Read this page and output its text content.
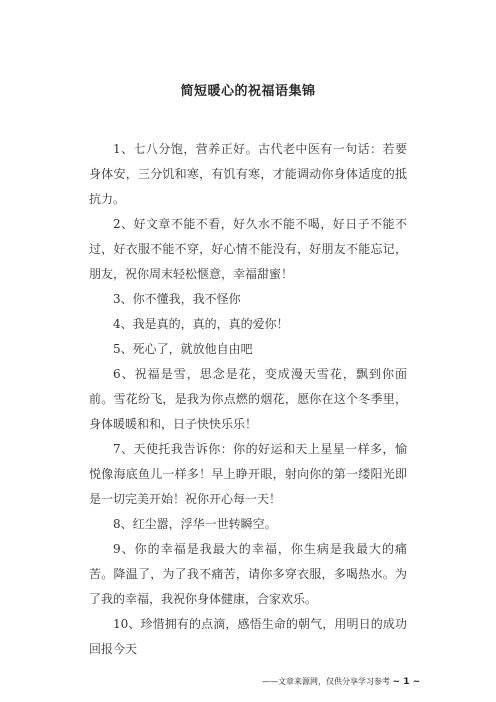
简短暖心的祝福语集锦

1、七八分饱，营养正好。古代老中医有一句话：若要身体安，三分饥和寒，有饥有寒，才能调动你身体适度的抵抗力。

2、好文章不能不看，好久水不能不喝，好日子不能不过，好衣服不能不穿，好心情不能没有，好朋友不能忘记，朋友，祝你周末轻松惬意，幸福甜蜜！

3、你不懂我，我不怪你

4、我是真的，真的，真的爱你！

5、死心了，就放他自由吧

6、祝福是雪，思念是花，变成漫天雪花，飘到你面前。雪花纷飞，是我为你点燃的烟花，愿你在这个冬季里，身体暖暖和和，日子快快乐乐！

7、天使托我告诉你：你的好运和天上星星一样多，愉悦像海底鱼儿一样多！早上睁开眼，射向你的第一缕阳光即是一切完美开始！祝你开心每一天！

8、红尘嚣，浮华一世转瞬空。

9、你的幸福是我最大的幸福，你生病是我最大的痛苦。降温了，为了我不痛苦，请你多穿衣服，多喝热水。为了我的幸福，我祝你身体健康，合家欢乐。

10、珍惜拥有的点滴，感悟生命的朝气，用明日的成功回报今天

——文章来源网，仅供分享学习参考 ~ 1 ~
